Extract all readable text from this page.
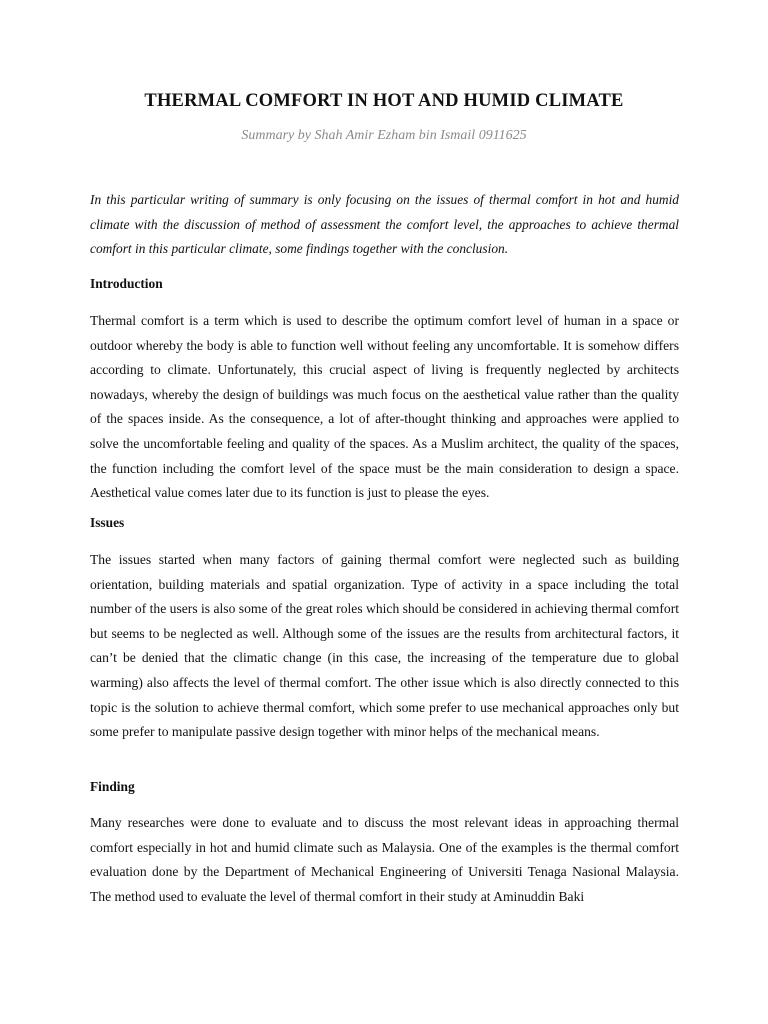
THERMAL COMFORT IN HOT AND HUMID CLIMATE

Summary by Shah Amir Ezham bin Ismail 0911625

In this particular writing of summary is only focusing on the issues of thermal comfort in hot and humid climate with the discussion of method of assessment the comfort level, the approaches to achieve thermal comfort in this particular climate, some findings together with the conclusion.

Introduction

Thermal comfort is a term which is used to describe the optimum comfort level of human in a space or outdoor whereby the body is able to function well without feeling any uncomfortable. It is somehow differs according to climate. Unfortunately, this crucial aspect of living is frequently neglected by architects nowadays, whereby the design of buildings was much focus on the aesthetical value rather than the quality of the spaces inside. As the consequence, a lot of after-thought thinking and approaches were applied to solve the uncomfortable feeling and quality of the spaces. As a Muslim architect, the quality of the spaces, the function including the comfort level of the space must be the main consideration to design a space. Aesthetical value comes later due to its function is just to please the eyes.

Issues

The issues started when many factors of gaining thermal comfort were neglected such as building orientation, building materials and spatial organization. Type of activity in a space including the total number of the users is also some of the great roles which should be considered in achieving thermal comfort but seems to be neglected as well. Although some of the issues are the results from architectural factors, it can’t be denied that the climatic change (in this case, the increasing of the temperature due to global warming) also affects the level of thermal comfort. The other issue which is also directly connected to this topic is the solution to achieve thermal comfort, which some prefer to use mechanical approaches only but some prefer to manipulate passive design together with minor helps of the mechanical means.

Finding

Many researches were done to evaluate and to discuss the most relevant ideas in approaching thermal comfort especially in hot and humid climate such as Malaysia. One of the examples is the thermal comfort evaluation done by the Department of Mechanical Engineering of Universiti Tenaga Nasional Malaysia. The method used to evaluate the level of thermal comfort in their study at Aminuddin Baki
